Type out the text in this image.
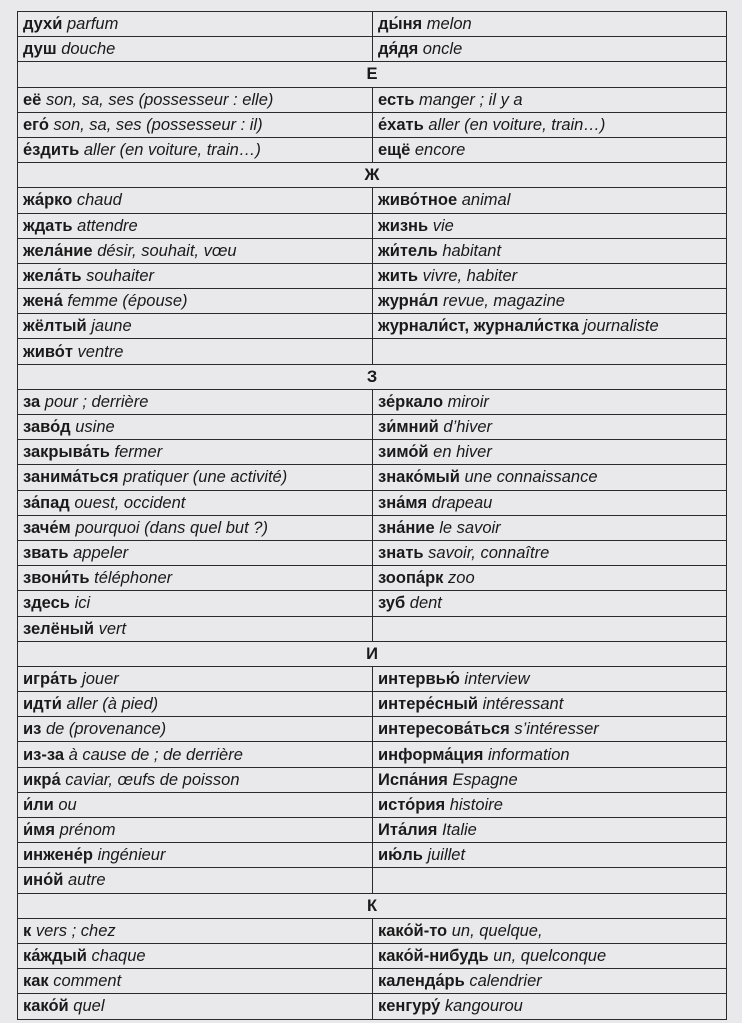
духи́ parfum	ды́ня melon
душ douche	дя́дя oncle
Е	
её son, sa, ses (possesseur : elle)	есть manger ; il y a
его́ son, sa, ses (possesseur : il)	е́хать aller (en voiture, train…)
е́здить aller (en voiture, train…)	ещё encore
Ж	
жа́рко chaud	живо́тное animal
ждать attendre	жизнь vie
жела́ние désir, souhait, vœu	жи́тель habitant
жела́ть souhaiter	жить vivre, habiter
жена́ femme (épouse)	журна́л revue, magazine
жёлтый jaune	журнали́ст, журнали́стка journaliste
живо́т ventre	
З	
за pour ; derrière	зе́ркало miroir
заво́д usine	зи́мний d’hiver
закрыва́ть fermer	зимо́й en hiver
занима́ться pratiquer (une activité)	знако́мый une connaissance
за́пад ouest, occident	зна́мя drapeau
заче́м pourquoi (dans quel but ?)	зна́ние le savoir
звать appeler	знать savoir, connaître
звони́ть téléphoner	зоопа́рк zoo
здесь ici	зуб dent
зелёный vert	
И	
игра́ть jouer	интервью́ interview
идти́ aller (à pied)	интере́сный intéressant
из de (provenance)	интересова́ться s’intéresser
из-за à cause de ; de derrière	информа́ция information
икра́ caviar, œufs de poisson	Испа́ния Espagne
и́ли ou	исто́рия histoire
и́мя prénom	Ита́лия Italie
инжене́р ingénieur	ию́ль juillet
ино́й autre	
К	
к vers ; chez	како́й-то un, quelque,
ка́ждый chaque	како́й-нибудь un, quelconque
как comment	календа́рь calendrier
како́й quel	кенгуру́ kangourou
